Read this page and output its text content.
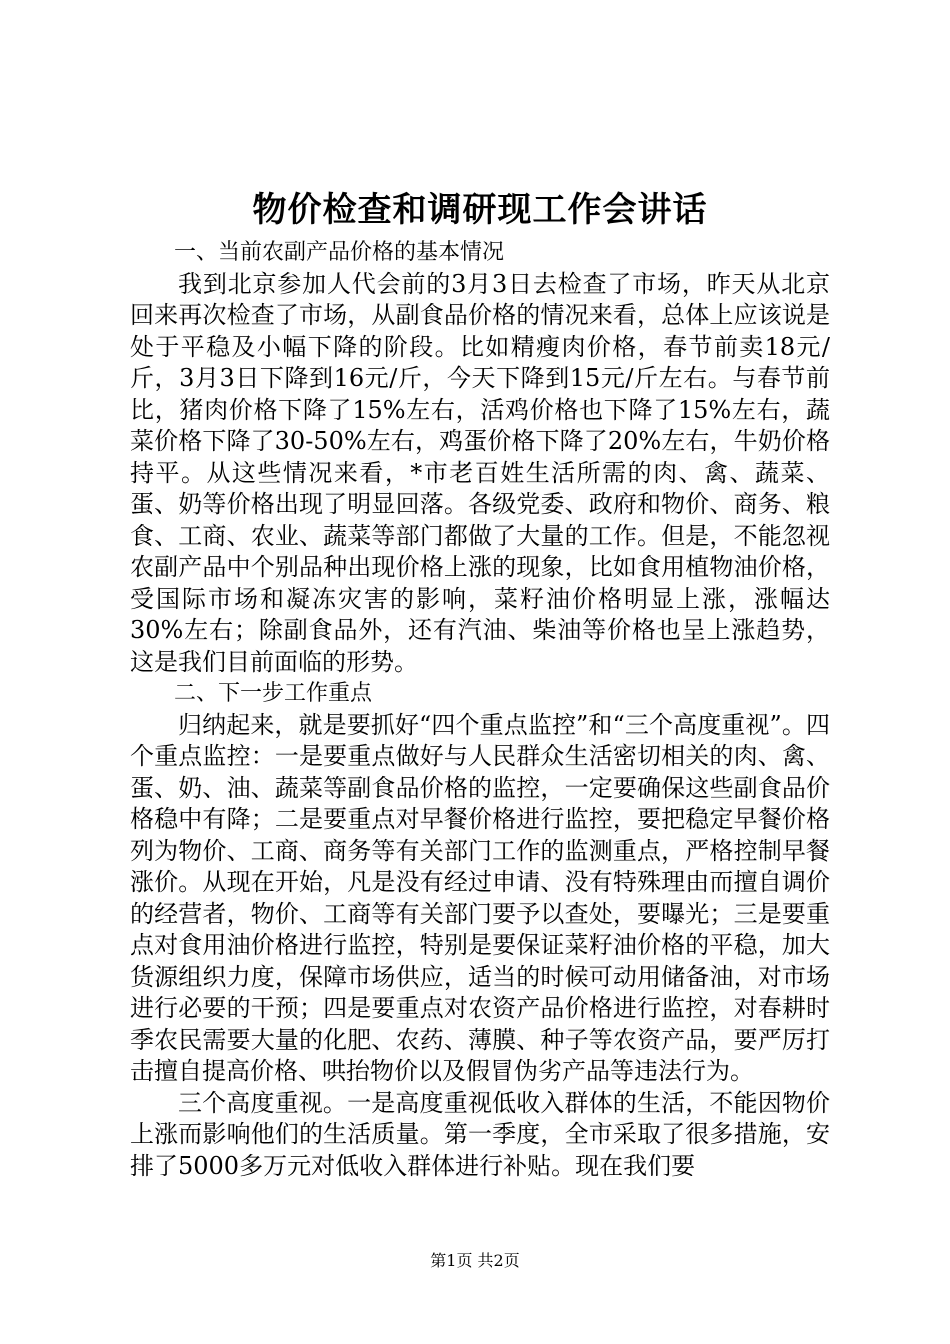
物价检查和调研现工作会讲话

一、当前农副产品价格的基本情况

我到北京参加人代会前的3月3日去检查了市场，昨天从北京回来再次检查了市场，从副食品价格的情况来看，总体上应该说是处于平稳及小幅下降的阶段。比如精瘦肉价格，春节前卖18元/斤，3月3日下降到16元/斤，今天下降到15元/斤左右。与春节前比，猪肉价格下降了15%左右，活鸡价格也下降了15%左右，蔬菜价格下降了30-50%左右，鸡蛋价格下降了20%左右，牛奶价格持平。从这些情况来看，*市老百姓生活所需的肉、禽、蔬菜、蛋、奶等价格出现了明显回落。各级党委、政府和物价、商务、粮食、工商、农业、蔬菜等部门都做了大量的工作。但是，不能忽视农副产品中个别品种出现价格上涨的现象，比如食用植物油价格，受国际市场和凝冻灾害的影响，菜籽油价格明显上涨，涨幅达30%左右；除副食品外，还有汽油、柴油等价格也呈上涨趋势，这是我们目前面临的形势。

二、下一步工作重点

归纳起来，就是要抓好“四个重点监控”和“三个高度重视”。四个重点监控：一是要重点做好与人民群众生活密切相关的肉、禽、蛋、奶、油、蔬菜等副食品价格的监控，一定要确保这些副食品价格稳中有降；二是要重点对早餐价格进行监控，要把稳定早餐价格列为物价、工商、商务等有关部门工作的监测重点，严格控制早餐涨价。从现在开始，凡是没有经过申请、没有特殊理由而擅自调价的经营者，物价、工商等有关部门要予以查处，要曝光；三是要重点对食用油价格进行监控，特别是要保证菜籽油价格的平稳，加大货源组织力度，保障市场供应，适当的时候可动用储备油，对市场进行必要的干预；四是要重点对农资产品价格进行监控，对春耕时季农民需要大量的化肥、农药、薄膜、种子等农资产品，要严厉打击擅自提高价格、哄抬物价以及假冒伪劣产品等违法行为。

三个高度重视。一是高度重视低收入群体的生活，不能因物价上涨而影响他们的生活质量。第一季度，全市采取了很多措施，安排了5000多万元对低收入群体进行补贴。现在我们要

第1页 共2页
